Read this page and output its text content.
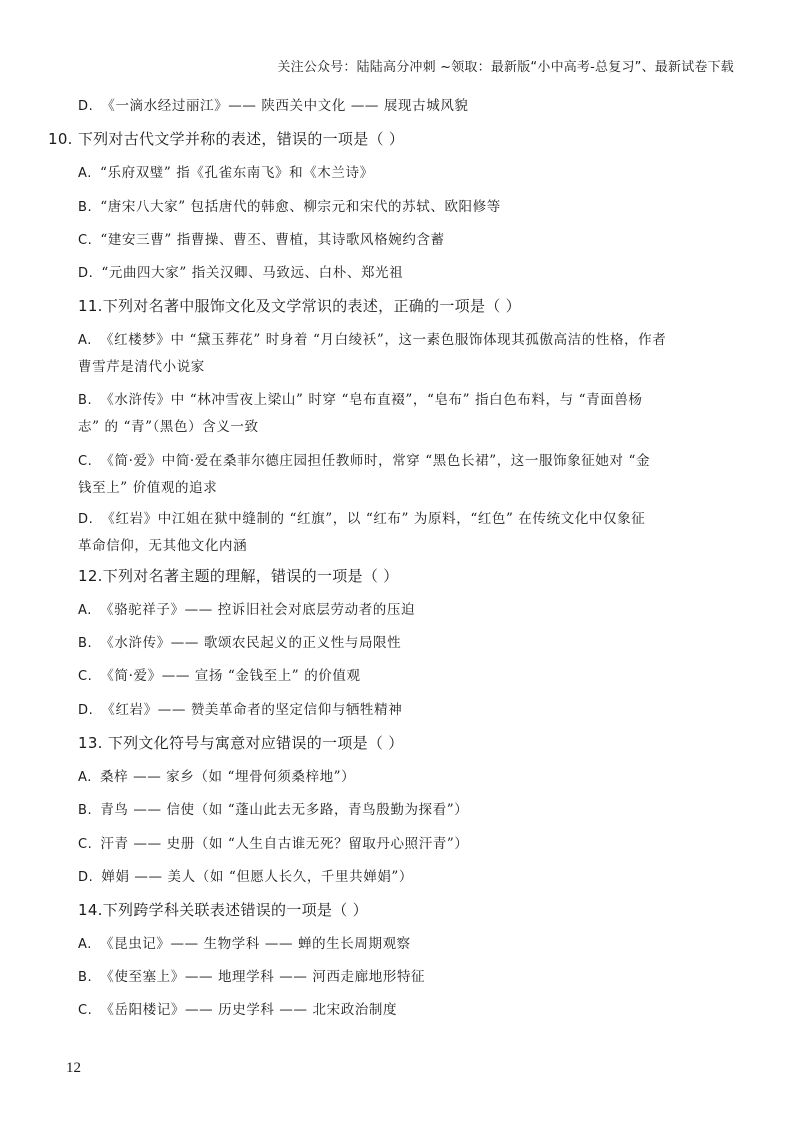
关注公众号：陆陆高分冲刺 ~领取：最新版“小中高考-总复习”、最新试卷下载
D. 《一滴水经过丽江》—— 陕西关中文化 —— 展现古城风貌
10. 下列对古代文学并称的表述，错误的一项是（ ）
A. “乐府双璧” 指《孔雀东南飞》和《木兰诗》
B. “唐宋八大家” 包括唐代的韩愈、柳宗元和宋代的苏轼、欧阳修等
C. “建安三曹” 指曹操、曹丕、曹植，其诗歌风格婉约含蓄
D. “元曲四大家” 指关汉卿、马致远、白朴、郑光祖
11.下列对名著中服饰文化及文学常识的表述，正确的一项是（ ）
A. 《红楼梦》中 “黛玉葬花” 时身着 “月白绫袄”，这一素色服饰体现其孤傲高洁的性格，作者
曹雪芹是清代小说家
B. 《水浒传》中 “林冲雪夜上梁山” 时穿 “皂布直裰”，“皂布” 指白色布料，与 “青面兽杨
志” 的 “青”（黑色）含义一致
C. 《简·爱》中简·爱在桑菲尔德庄园担任教师时，常穿 “黑色长裙”，这一服饰象征她对 “金
钱至上” 价值观的追求
D. 《红岩》中江姐在狱中缝制的 “红旗”，以 “红布” 为原料，“红色” 在传统文化中仅象征
革命信仰，无其他文化内涵
12.下列对名著主题的理解，错误的一项是（ ）
A. 《骆驼祥子》—— 控诉旧社会对底层劳动者的压迫
B. 《水浒传》—— 歌颂农民起义的正义性与局限性
C. 《简·爱》—— 宣扬 “金钱至上” 的价值观
D. 《红岩》—— 赞美革命者的坚定信仰与牺牲精神
13. 下列文化符号与寓意对应错误的一项是（ ）
A. 桑梓 —— 家乡（如 “埋骨何须桑梓地”）
B. 青鸟 —— 信使（如 “蓬山此去无多路，青鸟殷勤为探看”）
C. 汗青 —— 史册（如 “人生自古谁无死？留取丹心照汗青”）
D. 婵娟 —— 美人（如 “但愿人长久，千里共婵娟”）
14.下列跨学科关联表述错误的一项是（ ）
A. 《昆虫记》—— 生物学科 —— 蝉的生长周期观察
B. 《使至塞上》—— 地理学科 —— 河西走廊地形特征
C. 《岳阳楼记》—— 历史学科 —— 北宋政治制度
12
